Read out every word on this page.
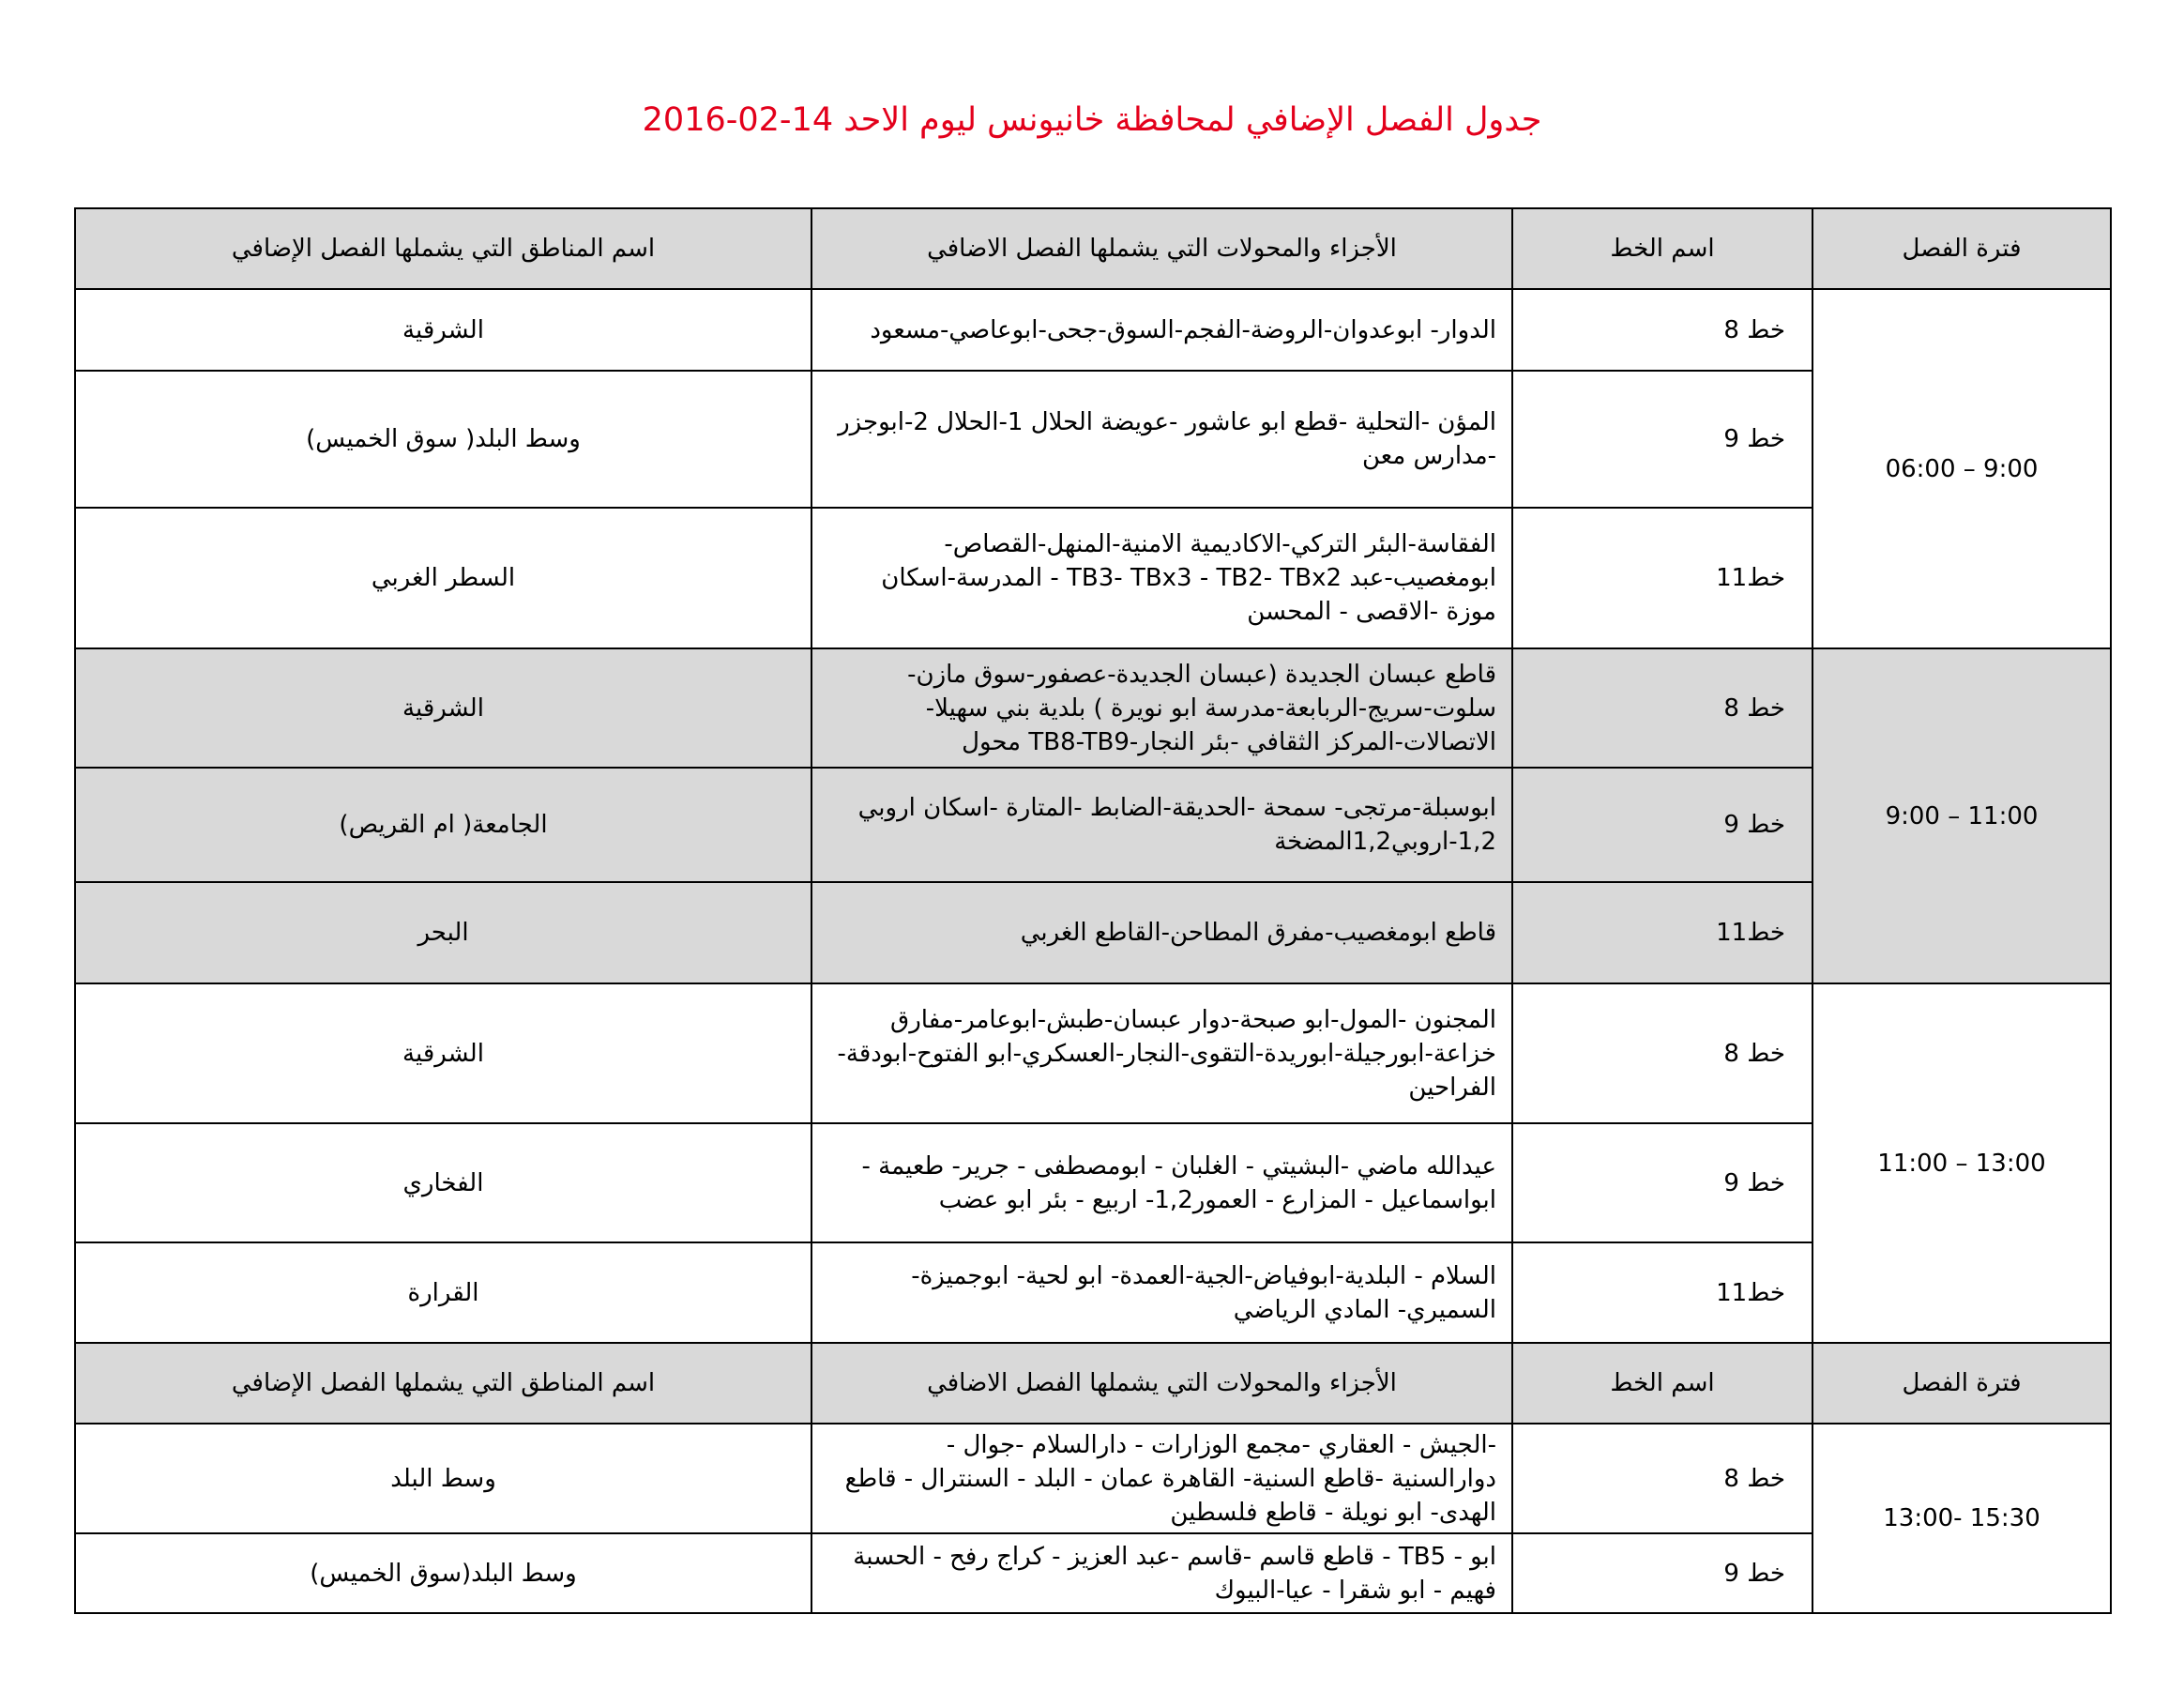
جدول الفصل الإضافي لمحافظة خانيونس ليوم الاحد 14-02-2016
فترة الفصل	اسم الخط	الأجزاء والمحولات التي يشملها الفصل الاضافي	اسم المناطق التي يشملها الفصل الإضافي
06:00 – 9:00	خط 8	الدوار- ابوعدوان-الروضة-الفجم-السوق-جحى-ابوعاصي-مسعود	الشرقية
	خط 9	المؤن -التحلية -قطع ابو عاشور -عويضة الحلال 1-الحلال 2-ابوجزر -مدارس معن	وسط البلد( سوق الخميس)
	خط11	الفقاسة-البئر التركي-الاكاديمية الامنية-المنهل-القصاص-ابومغصيب-عبد TB3- TBx3 - TB2- TBx2 - المدرسة-اسكان موزة -الاقصى - المحسن	السطر الغربي
9:00 – 11:00	خط 8	قاطع عبسان الجديدة (عبسان الجديدة-عصفور-سوق مازن-سلوت-سريج-الربابعة-مدرسة ابو نويرة ) بلدية بني سهيلا- الاتصالات-المركز الثقافي -بئر النجار-TB8-TB9 محول	الشرقية
	خط 9	ابوسبلة-مرتجى- سمحة -الحديقة-الضابط -المتارة -اسكان اروبي 1,2-اروبي1,2المضخة	الجامعة( ام القريص)
	خط11	قاطع ابومغصيب-مفرق المطاحن-القاطع الغربي	البحر
11:00 – 13:00	خط 8	المجنون -المول-ابو صبحة-دوار عبسان-طبش-ابوعامر-مفارق خزاعة-ابورجيلة-ابوريدة-التقوى-النجار-العسكري-ابو الفتوح-ابودقة-الفراحين	الشرقية
	خط 9	عيدالله ماضي -البشيتي - الغلبان - ابومصطفى - جرير- طعيمة - ابواسماعيل - المزارع - العمور1,2- اربيع - بئر ابو عضب	الفخاري
	خط11	السلام - البلدية-ابوفياض-الجية-العمدة- ابو لحية- ابوجميزة-السميري- المادي الرياضي	القرارة
فترة الفصل	اسم الخط	الأجزاء والمحولات التي يشملها الفصل الاضافي	اسم المناطق التي يشملها الفصل الإضافي
13:00- 15:30	خط 8	-الجيش - العقاري -مجمع الوزارات - دارالسلام -جوال - دوارالسنية -قاطع السنية- القاهرة عمان - البلد - السنترال - قاطع الهدى- ابو نويلة - قاطع فلسطين	وسط البلد
	خط 9	ابو - TB5 - قاطع قاسم -قاسم -عبد العزيز - كراج رفح - الحسبة فهيم - ابو شقرا - عيا-البيوك	وسط البلد(سوق الخميس)
